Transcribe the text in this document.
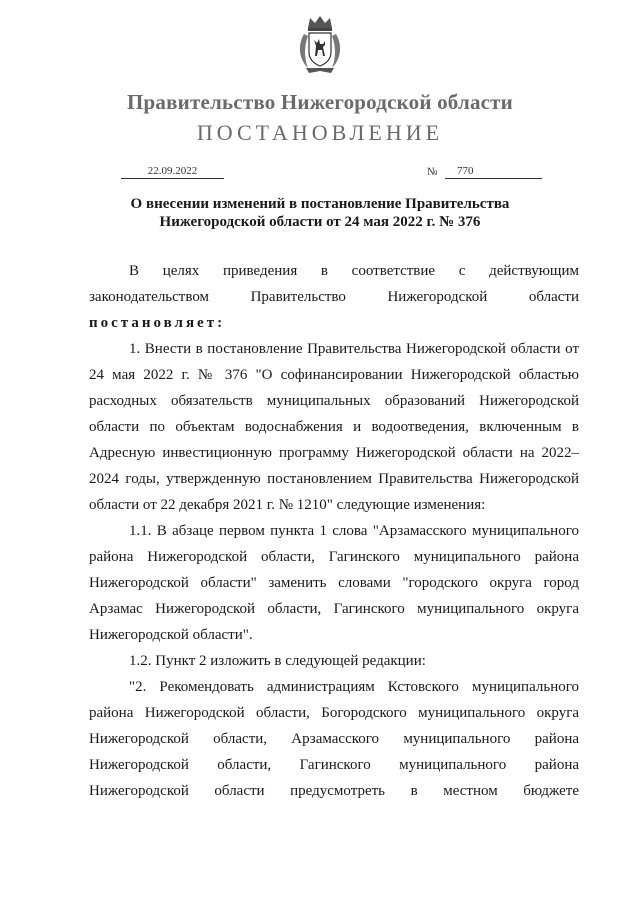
Правительство Нижегородской области
ПОСТАНОВЛЕНИЕ
22.09.2022	№	770
О внесении изменений в постановление Правительства
Нижегородской области от 24 мая 2022 г. № 376

В целях приведения в соответствие с действующим законодательством Правительство Нижегородской области

постановляет:

1. Внести в постановление Правительства Нижегородской области от 24 мая 2022 г. № 376 "О софинансировании Нижегородской областью расходных обязательств муниципальных образований Нижегородской области по объектам водоснабжения и водоотведения, включенным в Адресную инвестиционную программу Нижегородской области на 2022–2024 годы, утвержденную постановлением Правительства Нижегородской области от 22 декабря 2021 г. № 1210" следующие изменения:

1.1. В абзаце первом пункта 1 слова "Арзамасского муниципального района Нижегородской области, Гагинского муниципального района Нижегородской области" заменить словами "городского округа город Арзамас Нижегородской области, Гагинского муниципального округа Нижегородской области".

1.2. Пункт 2 изложить в следующей редакции:

"2. Рекомендовать администрациям Кстовского муниципального района Нижегородской области, Богородского муниципального округа Нижегородской области, Арзамасского муниципального района Нижегородской области, Гагинского муниципального района Нижегородской области предусмотреть в местном бюджете
